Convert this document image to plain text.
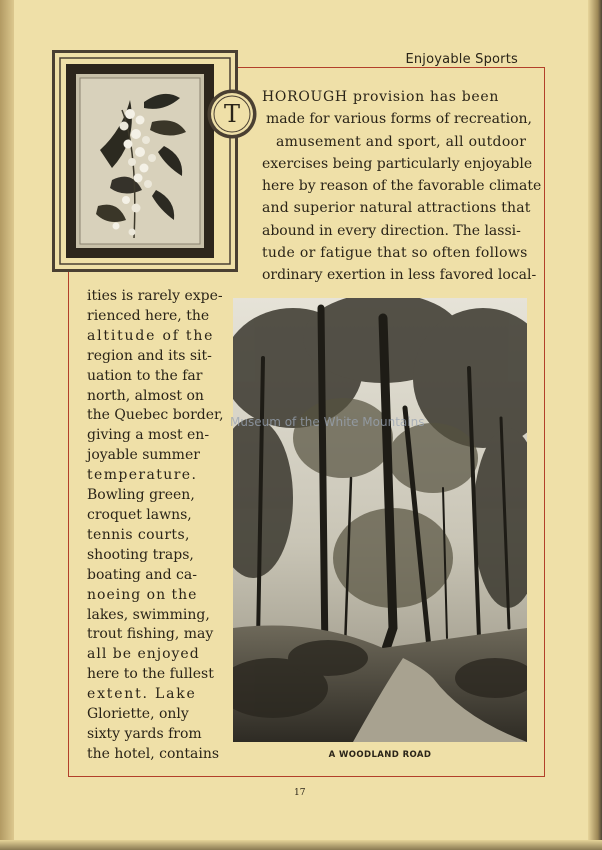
Enjoyable Sports
T
HOROUGH provision has been
made for various forms of recreation,
amusement and sport, all outdoor
exercises being particularly enjoyable
here by reason of the favorable climate
and superior natural attractions that
abound in every direction. The lassi-
tude or fatigue that so often follows
ordinary exertion in less favored local-
ities is rarely expe-
rienced here, the
altitude of the
region and its sit-
uation to the far
north, almost on
the Quebec border,
giving a most en-
joyable summer
temperature.
Bowling green,
croquet lawns,
tennis courts,
shooting traps,
boating and ca-
noeing on the
lakes, swimming,
trout fishing, may
all be enjoyed
here to the fullest
extent. Lake
Gloriette, only
sixty yards from
the hotel, contains
Museum of the White Mountains
A WOODLAND ROAD
17
